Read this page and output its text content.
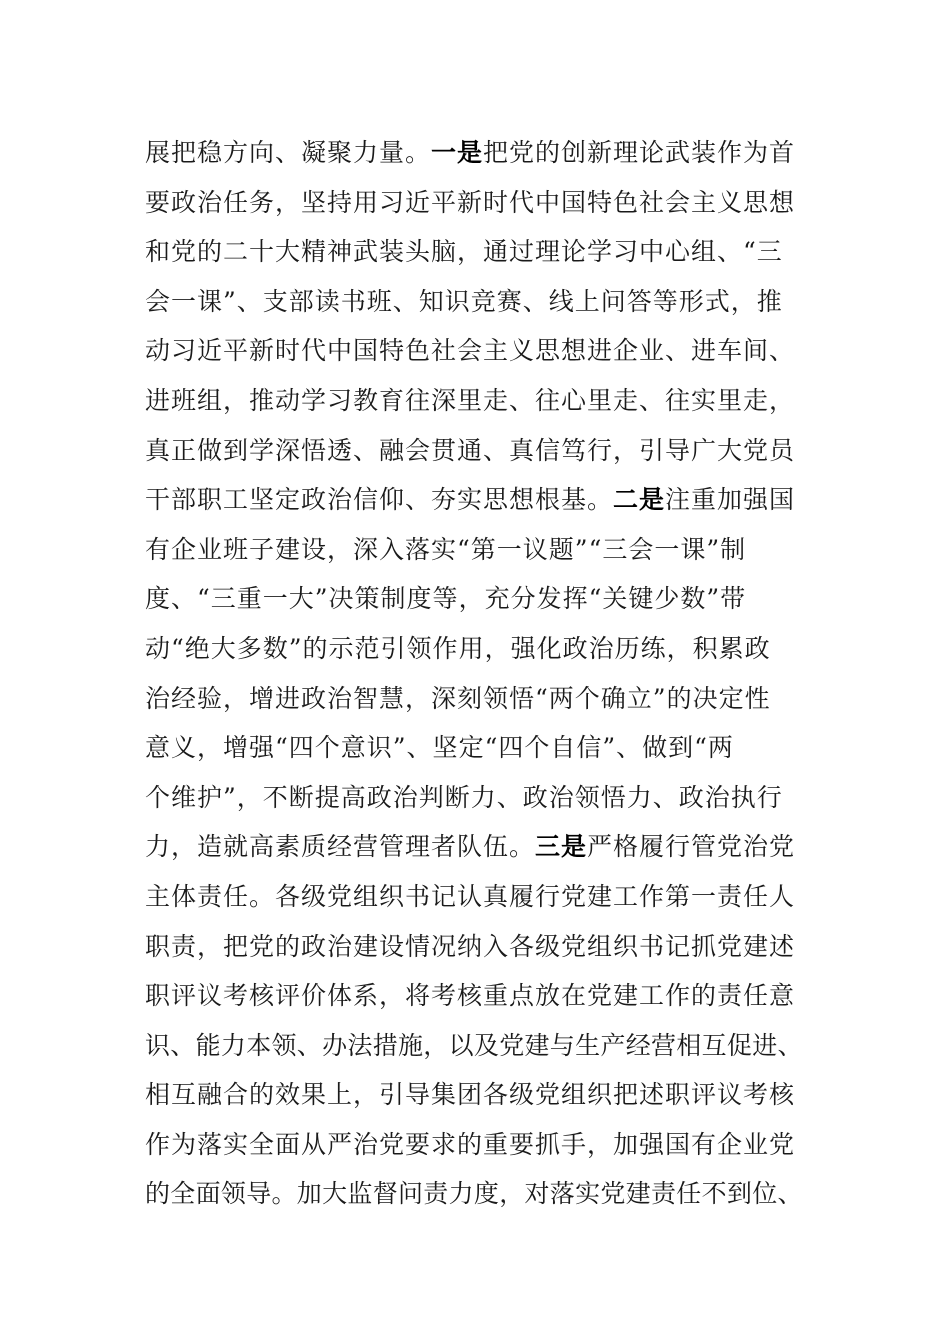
展把稳方向、凝聚力量。一是把党的创新理论武装作为首
要政治任务，坚持用习近平新时代中国特色社会主义思想
和党的二十大精神武装头脑，通过理论学习中心组、“三
会一课”、支部读书班、知识竞赛、线上问答等形式，推
动习近平新时代中国特色社会主义思想进企业、进车间、
进班组，推动学习教育往深里走、往心里走、往实里走，
真正做到学深悟透、融会贯通、真信笃行，引导广大党员
干部职工坚定政治信仰、夯实思想根基。二是注重加强国
有企业班子建设，深入落实“第一议题”“三会一课”制
度、“三重一大”决策制度等，充分发挥“关键少数”带
动“绝大多数”的示范引领作用，强化政治历练，积累政
治经验，增进政治智慧，深刻领悟“两个确立”的决定性
意义，增强“四个意识”、坚定“四个自信”、做到“两
个维护”，不断提高政治判断力、政治领悟力、政治执行
力，造就高素质经营管理者队伍。三是严格履行管党治党
主体责任。各级党组织书记认真履行党建工作第一责任人
职责，把党的政治建设情况纳入各级党组织书记抓党建述
职评议考核评价体系，将考核重点放在党建工作的责任意
识、能力本领、办法措施，以及党建与生产经营相互促进、
相互融合的效果上，引导集团各级党组织把述职评议考核
作为落实全面从严治党要求的重要抓手，加强国有企业党
的全面领导。加大监督问责力度，对落实党建责任不到位、
